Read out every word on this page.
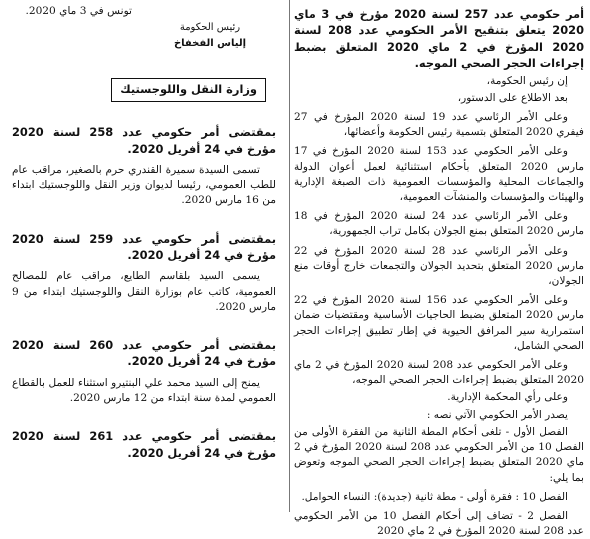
أمر حكومي عدد 257 لسنة 2020 مؤرخ في 3 ماي 2020 يتعلق بتنقيح الأمر الحكومي عدد 208 لسنة 2020 المؤرخ في 2 ماي 2020 المتعلق بضبط إجراءات الحجر الصحي الموجه.

إن رئيس الحكومة،

بعد الاطلاع على الدستور،

وعلى الأمر الرئاسي عدد 19 لسنة 2020 المؤرخ في 27 فيفري 2020 المتعلق بتسمية رئيس الحكومة وأعضائها،

وعلى الأمر الحكومي عدد 153 لسنة 2020 المؤرخ في 17 مارس 2020 المتعلق بأحكام استثنائية لعمل أعوان الدولة والجماعات المحلية والمؤسسات العمومية ذات الصبغة الإدارية والهيئات والمؤسسات والمنشآت العمومية،

وعلى الأمر الرئاسي عدد 24 لسنة 2020 المؤرخ في 18 مارس 2020 المتعلق بمنع الجولان بكامل تراب الجمهورية،

وعلى الأمر الرئاسي عدد 28 لسنة 2020 المؤرخ في 22 مارس 2020 المتعلق بتحديد الجولان والتجمعات خارج أوقات منع الجولان،

وعلى الأمر الحكومي عدد 156 لسنة 2020 المؤرخ في 22 مارس 2020 المتعلق بضبط الحاجيات الأساسية ومقتضيات ضمان استمرارية سير المرافق الحيوية في إطار تطبيق إجراءات الحجر الصحي الشامل،

وعلى الأمر الحكومي عدد 208 لسنة 2020 المؤرخ في 2 ماي 2020 المتعلق بضبط إجراءات الحجر الصحي الموجه،

وعلى رأي المحكمة الإدارية.

يصدر الأمر الحكومي الآتي نصه :

الفصل الأول - تلغى أحكام المطة الثانية من الفقرة الأولى من الفصل 10 من الأمر الحكومي عدد 208 لسنة 2020 المؤرخ في 2 ماي 2020 المتعلق بضبط إجراءات الحجر الصحي الموجه وتعوض بما يلي:

الفصل 10 : فقرة أولى - مطة ثانية (جديدة): النساء الحوامل.

الفصل 2 - تضاف إلى أحكام الفصل 10 من الأمر الحكومي عدد 208 لسنة 2020 المؤرخ في 2 ماي 2020

تونس في 3 ماي 2020.
رئيس الحكومة
إلياس الفخفاخ
وزارة النقل واللوجستيك

بمقتضى أمر حكومي عدد 258 لسنة 2020 مؤرخ في 24 أفريل 2020.

تسمى السيدة سميرة القندري حرم بالصغير، مراقب عام للطب العمومي، رئيسا لديوان وزير النقل واللوجستيك ابتداء من 16 مارس 2020.

بمقتضى أمر حكومي عدد 259 لسنة 2020 مؤرخ في 24 أفريل 2020.

يسمى السيد بلقاسم الطايع، مراقب عام للمصالح العمومية، كاتب عام بوزارة النقل واللوجستيك ابتداء من 9 مارس 2020.

بمقتضى أمر حكومي عدد 260 لسنة 2020 مؤرخ في 24 أفريل 2020.

يمنح إلى السيد محمد علي البنتيرو استثناء للعمل بالقطاع العمومي لمدة سنة ابتداء من 12 مارس 2020.

بمقتضى أمر حكومي عدد 261 لسنة 2020 مؤرخ في 24 أفريل 2020.
